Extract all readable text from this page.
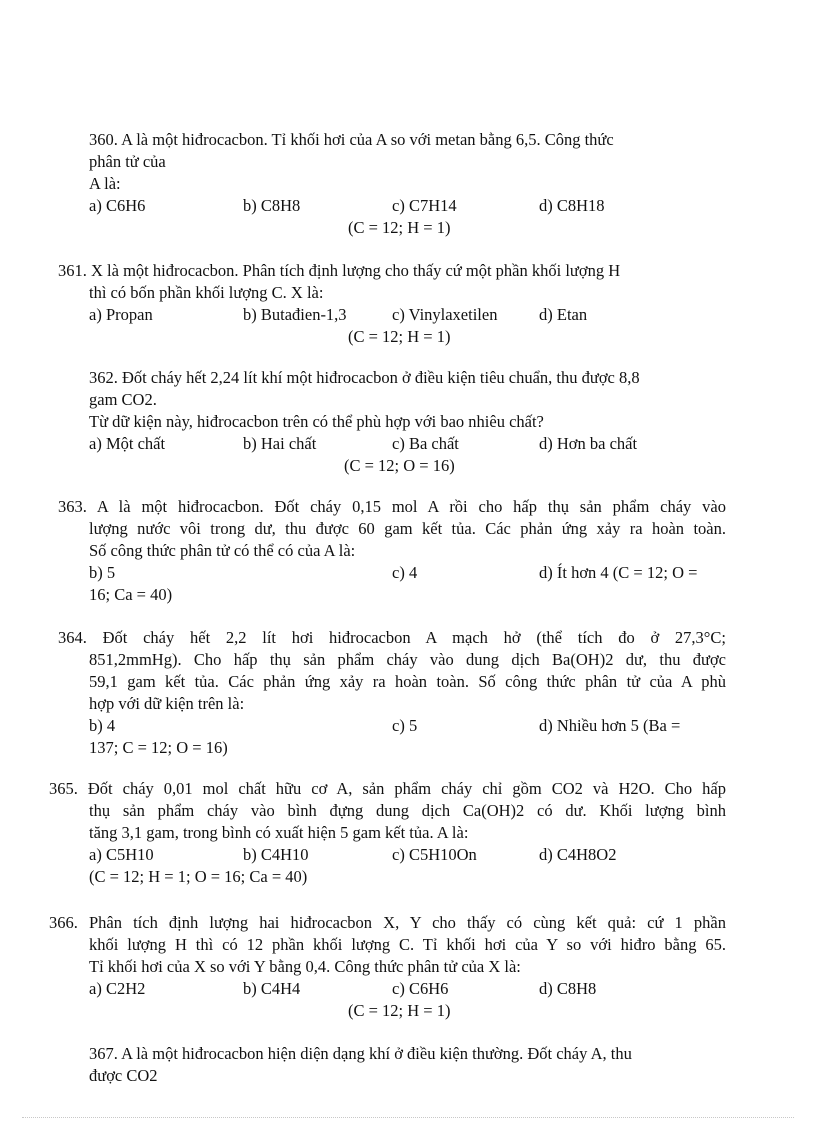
360. A là một hiđrocacbon. Tỉ khối hơi của A so với metan bằng 6,5. Công thức
phân tử của
A là:
a) C6H6	b) C8H8	c) C7H14	d) C8H18
(C = 12; H = 1)
361. X là một hiđrocacbon. Phân tích định lượng cho thấy cứ một phần khối lượng H
thì có bốn phần khối lượng C. X là:
a) Propan	b) Butađien-1,3	c) Vinylaxetilen	d) Etan
(C = 12; H = 1)
362. Đốt cháy hết 2,24 lít khí một hiđrocacbon ở điều kiện tiêu chuẩn, thu được 8,8
gam CO2.
Từ dữ kiện này, hiđrocacbon trên có thể phù hợp với bao nhiêu chất?
a) Một chất	b) Hai chất	c) Ba chất	d) Hơn ba chất
(C = 12; O = 16)
363. A là một hiđrocacbon. Đốt cháy 0,15 mol A rồi cho hấp thụ sản phẩm cháy vào
lượng nước vôi trong dư, thu được 60 gam kết tủa. Các phản ứng xảy ra hoàn toàn.
Số công thức phân tử có thể có của A là:
b) 5	c) 4	d) Ít hơn 4 (C = 12; O =
16; Ca = 40)
364. Đốt cháy hết 2,2 lít hơi hiđrocacbon A mạch hở (thể tích đo ở 27,3°C;
851,2mmHg). Cho hấp thụ sản phẩm cháy vào dung dịch Ba(OH)2 dư, thu được
59,1 gam kết tủa. Các phản ứng xảy ra hoàn toàn. Số công thức phân tử của A phù
hợp với dữ kiện trên là:
b) 4	c) 5	d) Nhiều hơn 5 (Ba =
137; C = 12; O = 16)
365. Đốt cháy 0,01 mol chất hữu cơ A, sản phẩm cháy chỉ gồm CO2 và H2O. Cho hấp
thụ sản phẩm cháy vào bình đựng dung dịch Ca(OH)2 có dư. Khối lượng bình
tăng 3,1 gam, trong bình có xuất hiện 5 gam kết tủa. A là:
a) C5H10	b) C4H10	c) C5H10On	d) C4H8O2
(C = 12; H = 1; O = 16; Ca = 40)
366. Phân tích định lượng hai hiđrocacbon X, Y cho thấy có cùng kết quả: cứ 1 phần
khối lượng H thì có 12 phần khối lượng C. Tỉ khối hơi của Y so với hiđro bằng 65.
Tỉ khối hơi của X so với Y bằng 0,4. Công thức phân tử của X là:
a) C2H2	b) C4H4	c) C6H6	d) C8H8
(C = 12; H = 1)
367. A là một hiđrocacbon hiện diện dạng khí ở điều kiện thường. Đốt cháy A, thu
được CO2
